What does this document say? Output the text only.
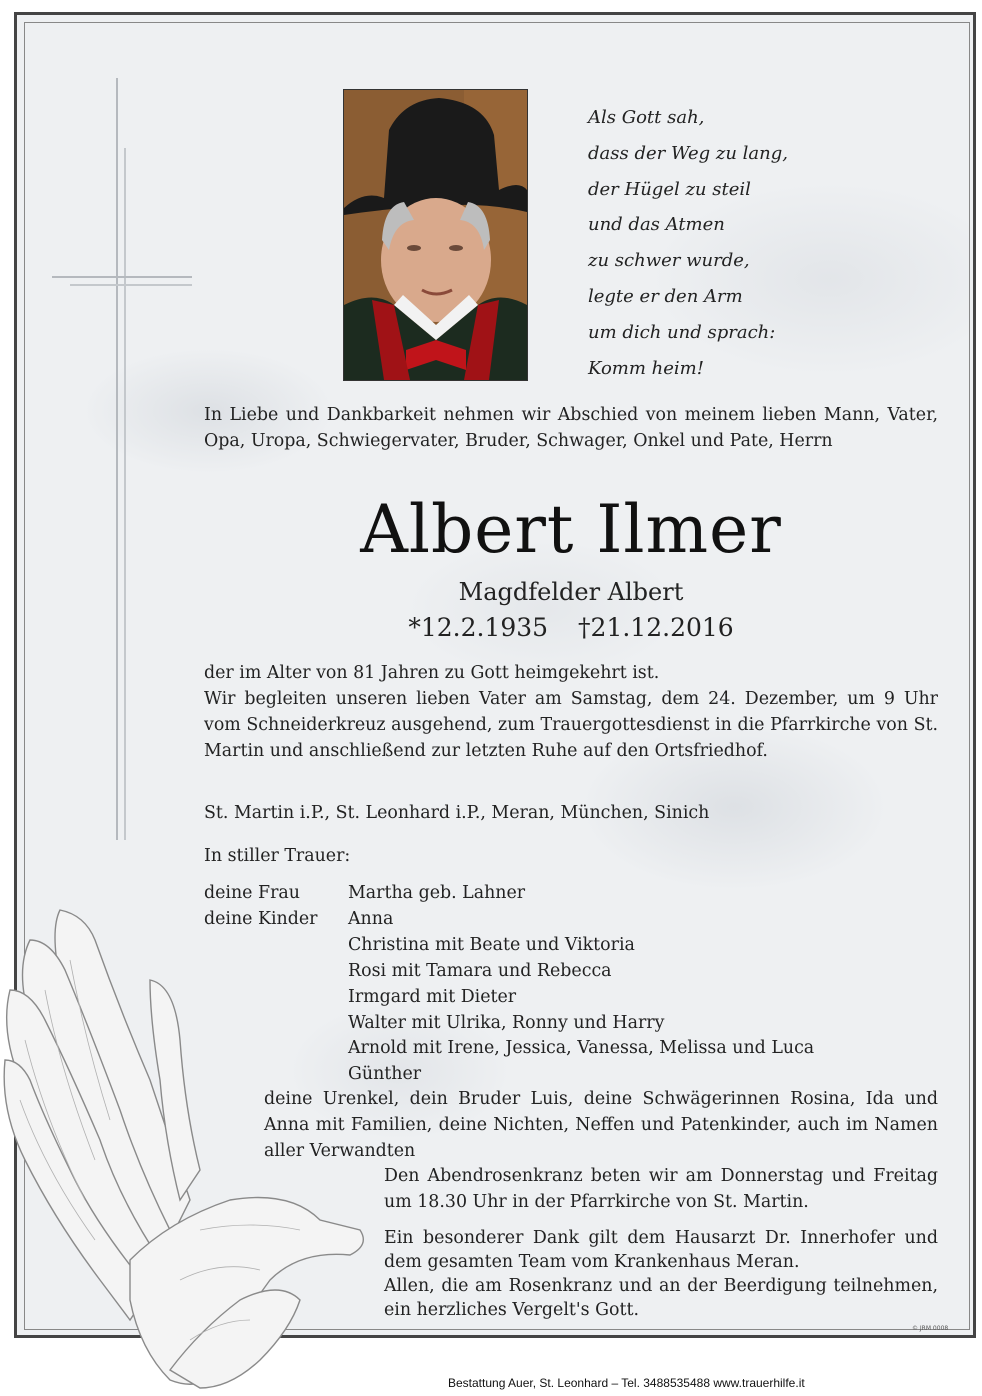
Als Gott sah,
dass der Weg zu lang,
der Hügel zu steil
und das Atmen
zu schwer wurde,
legte er den Arm
um dich und sprach:
Komm heim!
In Liebe und Dankbarkeit nehmen wir Abschied von meinem lieben Mann, Vater, Opa, Uropa, Schwiegervater, Bruder, Schwager, Onkel und Pate, Herrn
Albert Ilmer
Magdfelder Albert
*12.2.1935 †21.12.2016

der im Alter von 81 Jahren zu Gott heimgekehrt ist.

Wir begleiten unseren lieben Vater am Samstag, dem 24. Dezember, um 9 Uhr vom Schneiderkreuz ausgehend, zum Trauergottesdienst in die Pfarrkirche von St. Martin und anschließend zur letzten Ruhe auf den Ortsfriedhof.

St. Martin i.P., St. Leonhard i.P., Meran, München, Sinich
In stiller Trauer:
deine Frau	Martha geb. Lahner
deine Kinder	Anna
Christina mit Beate und Viktoria
Rosi mit Tamara und Rebecca
Irmgard mit Dieter
Walter mit Ulrika, Ronny und Harry
Arnold mit Irene, Jessica, Vanessa, Melissa und Luca
Günther
deine Urenkel, dein Bruder Luis, deine Schwägerinnen Rosina, Ida und Anna mit Familien, deine Nichten, Neffen und Patenkinder, auch im Namen aller Verwandten
Den Abendrosenkranz beten wir am Donnerstag und Freitag um 18.30 Uhr in der Pfarrkirche von St. Martin.

Ein besonderer Dank gilt dem Hausarzt Dr. Innerhofer und dem gesamten Team vom Krankenhaus Meran.

Allen, die am Rosenkranz und an der Beerdigung teilnehmen, ein herzliches Vergelt's Gott.

© JRM 0008
Bestattung Auer, St. Leonhard – Tel. 3488535488 www.trauerhilfe.it
